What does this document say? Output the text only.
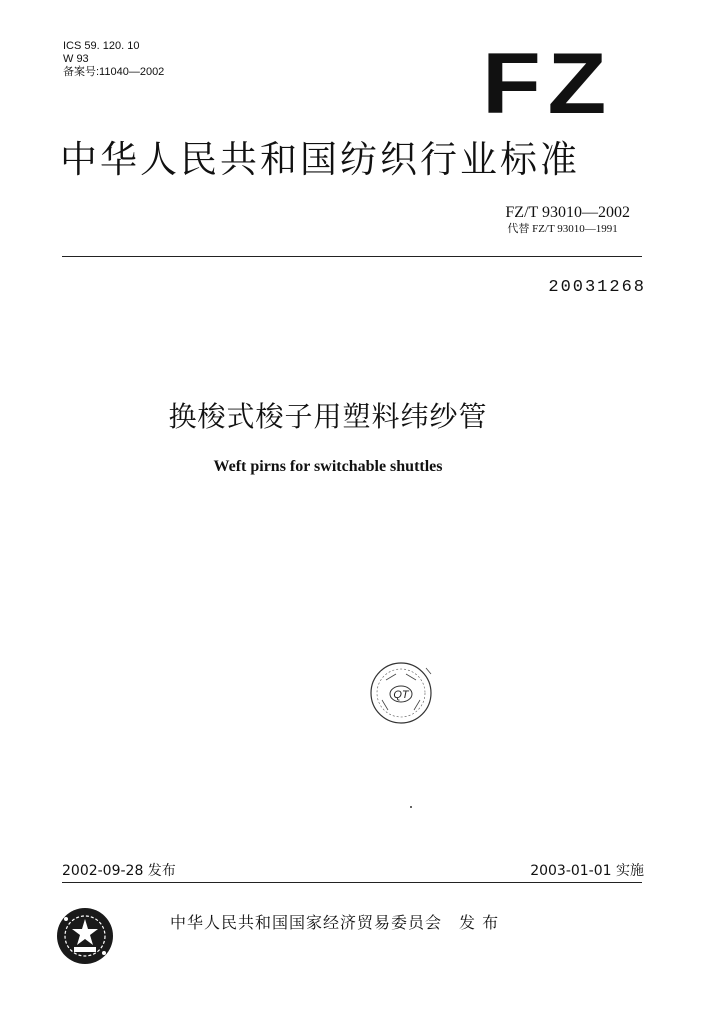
ICS 59. 120. 10
W 93
备案号:11040—2002	FZ
中华人民共和国纺织行业标准
FZ/T 93010—2002
代替 FZ/T 93010—1991
20031268
换梭式梭子用塑料纬纱管
Weft pirns for switchable shuttles
QT
2002-09-28 发布	2003-01-01 实施
中华人民共和国国家经济贸易委员会　发 布
